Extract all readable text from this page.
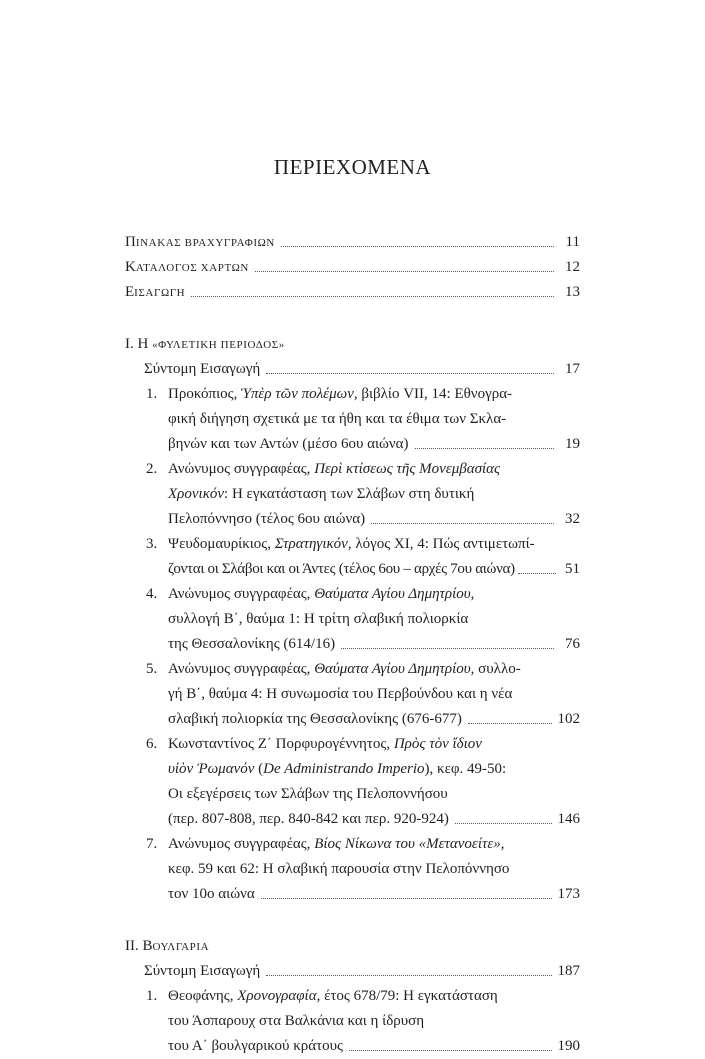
ΠΕΡΙΕΧΟΜΕΝΑ
ΠΙΝΑΚΑΣ ΒΡΑΧΥΓΡΑΦΙΩΝ	11
ΚΑΤΑΛΟΓΟΣ ΧΑΡΤΩΝ	12
ΕΙΣΑΓΩΓΗ	13
Ι. Η «ΦΥΛΕΤΙΚΗ ΠΕΡΙΟΔΟΣ»
Σύντομη Εισαγωγή	17
1. Προκόπιος, Ὑπὲρ τῶν πολέμων, βιβλίο VII, 14: Εθνογρα-
φική διήγηση σχετικά με τα ήθη και τα έθιμα των Σκλα-
βηνών και των Αντών (μέσο 6ου αιώνα)	19
2. Ανώνυμος συγγραφέας, Περὶ κτίσεως τῆς Μονεμβασίας
Χρονικόν: Η εγκατάσταση των Σλάβων στη δυτική
Πελοπόννησο (τέλος 6ου αιώνα)	32
3. Ψευδομαυρίκιος, Στρατηγικόν, λόγος XI, 4: Πώς αντιμετωπί-
ζονται οι Σλάβοι και οι Άντες (τέλος 6ου – αρχές 7ου αιώνα)	51
4. Ανώνυμος συγγραφέας, Θαύματα Αγίου Δημητρίου,
συλλογή Β΄, θαύμα 1: Η τρίτη σλαβική πολιορκία
της Θεσσαλονίκης (614/16)	76
5. Ανώνυμος συγγραφέας, Θαύματα Αγίου Δημητρίου, συλλο-
γή Β΄, θαύμα 4: Η συνωμοσία του Περβούνδου και η νέα
σλαβική πολιορκία της Θεσσαλονίκης (676-677)	102
6. Κωνσταντίνος Ζ΄ Πορφυρογέννητος, Πρὸς τὸν ἴδιον
υἱὸν Ῥωμανόν (De Administrando Imperio), κεφ. 49-50:
Οι εξεγέρσεις των Σλάβων της Πελοποννήσου
(περ. 807-808, περ. 840-842 και περ. 920-924)	146
7. Ανώνυμος συγγραφέας, Βίος Νίκωνα του «Μετανοείτε»,
κεφ. 59 και 62: Η σλαβική παρουσία στην Πελοπόννησο
τον 10ο αιώνα	173
ΙΙ. ΒΟΥΛΓΑΡΙΑ
Σύντομη Εισαγωγή	187
1. Θεοφάνης, Χρονογραφία, έτος 678/79: Η εγκατάσταση
του Άσπαρουχ στα Βαλκάνια και η ίδρυση
του Α΄ βουλγαρικού κράτους	190
